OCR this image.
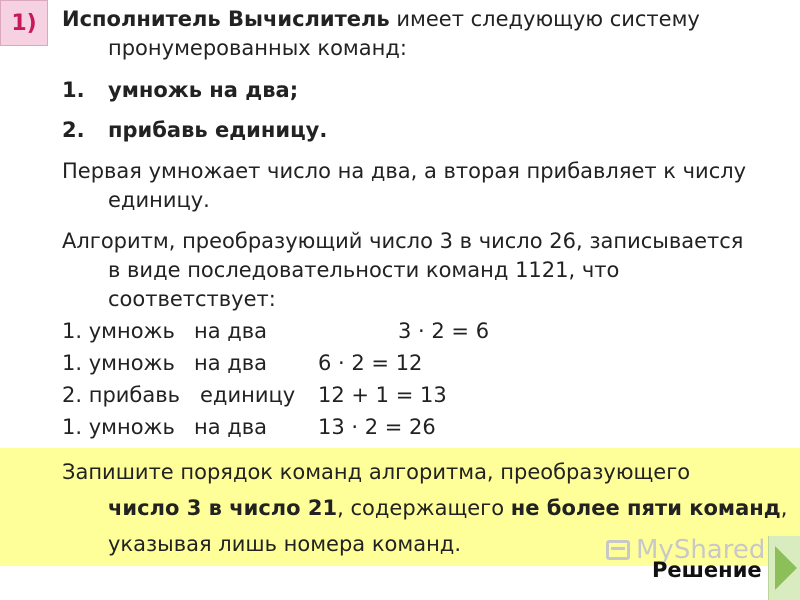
1) Исполнитель Вычислитель имеет следующую систему
пронумерованных команд:
1. умножь на два;
2. прибавь единицу.
Первая умножает число на два, а вторая прибавляет к числу
единицу.
Алгоритм, преобразующий число 3 в число 26, записывается
в виде последовательности команд 1121, что
соответствует:
1. умножь на два	3 · 2 = 6
1. умножь на два 6 · 2 = 12
2. прибавь единицу 12 + 1 = 13
1. умножь на два 13 · 2 = 26
Запишите порядок команд алгоритма, преобразующего
число 3 в число 21, содержащего не более пяти команд,
указывая лишь номера команд.	MyShared
Решение
